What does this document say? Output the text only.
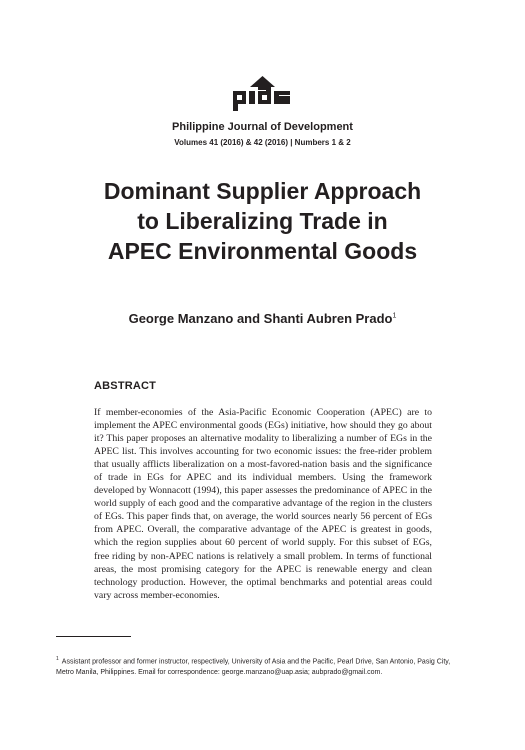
Philippine Journal of Development
Volumes 41 (2016) & 42 (2016) | Numbers 1 & 2
Dominant Supplier Approach
to Liberalizing Trade in
APEC Environmental Goods
George Manzano and Shanti Aubren Prado$^1$
ABSTRACT

If member-economies of the Asia-Pacific Economic Cooperation (APEC) are to implement the APEC environmental goods (EGs) initiative, how should they go about it? This paper proposes an alternative modality to liberalizing a number of EGs in the APEC list. This involves accounting for two economic issues: the free-rider problem that usually afflicts liberalization on a most-favored-nation basis and the significance of trade in EGs for APEC and its individual members. Using the framework developed by Wonnacott (1994), this paper assesses the predominance of APEC in the world supply of each good and the comparative advantage of the region in the clusters of EGs. This paper finds that, on average, the world sources nearly 56 percent of EGs from APEC. Overall, the comparative advantage of the APEC is greatest in goods, which the region supplies about 60 percent of world supply. For this subset of EGs, free riding by non-APEC nations is relatively a small problem. In terms of functional areas, the most promising category for the APEC is renewable energy and clean technology production. However, the optimal benchmarks and potential areas could vary across member-economies.

$^1$ Assistant professor and former instructor, respectively, University of Asia and the Pacific, Pearl Drive, San Antonio, Pasig City, Metro Manila, Philippines. Email for correspondence: george.manzano@uap.asia; aubprado@gmail.com.
